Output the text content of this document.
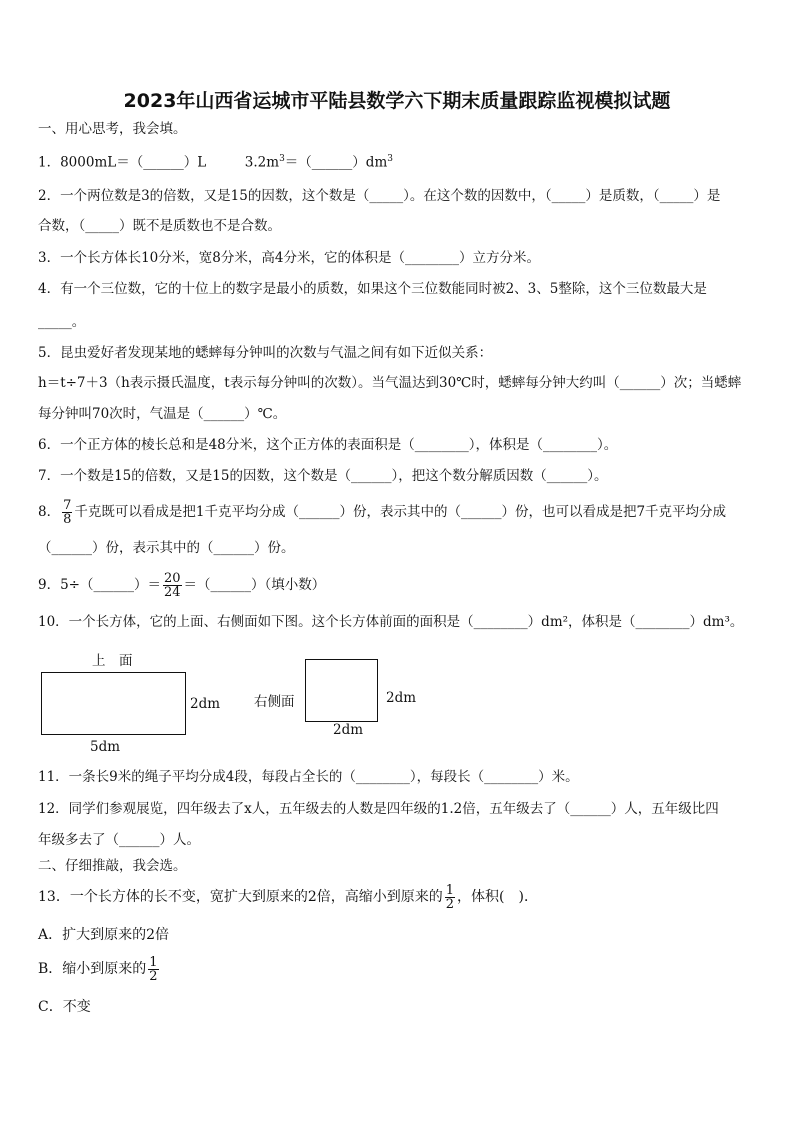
2023年山西省运城市平陆县数学六下期末质量跟踪监视模拟试题
一、用心思考，我会填。
1．8000mL＝（______）L	$3.2m^3=(\_\_\_\_\_\_)dm^3$
2．一个两位数是3的倍数，又是15的因数，这个数是（_____）。在这个数的因数中，（_____）是质数，（_____）是
合数，（_____）既不是质数也不是合数。
3．一个长方体长10分米，宽8分米，高4分米，它的体积是（________）立方分米。
4．有一个三位数，它的十位上的数字是最小的质数，如果这个三位数能同时被2、3、5整除，这个三位数最大是
_____。
5．昆虫爱好者发现某地的蟋蟀每分钟叫的次数与气温之间有如下近似关系：
h＝t÷7＋3（h表示摄氏温度，t表示每分钟叫的次数）。当气温达到30℃时，蟋蟀每分钟大约叫（______）次；当蟋蟀
每分钟叫70次时，气温是（______）℃。
6．一个正方体的棱长总和是48分米，这个正方体的表面积是（________），体积是（________）。
7．一个数是15的倍数，又是15的因数，这个数是（______），把这个数分解质因数（______）。
8． $\frac{7}{8}$ 千克既可以看成是把1千克平均分成（______）份，表示其中的（______）份，也可以看成是把7千克平均分成
（______）份，表示其中的（______）份。
9．5÷（______）＝ $\frac{20}{24}$ ＝（______）（填小数）
10．一个长方体，它的上面、右侧面如下图。这个长方体前面的面积是（________）dm²，体积是（________）dm³。
上　面
2dm
5dm
右侧面	2dm
2dm
11．一条长9米的绳子平均分成4段，每段占全长的（________），每段长（________）米。
12．同学们参观展览，四年级去了x人，五年级去的人数是四年级的1.2倍，五年级去了（______）人，五年级比四
年级多去了（______）人。
二、仔细推敲，我会选。
13．一个长方体的长不变，宽扩大到原来的2倍，高缩小到原来的 $\frac{1}{2}$ ，体积(　)．
A．扩大到原来的2倍
B．缩小到原来的 $\frac{1}{2}$
C．不变
